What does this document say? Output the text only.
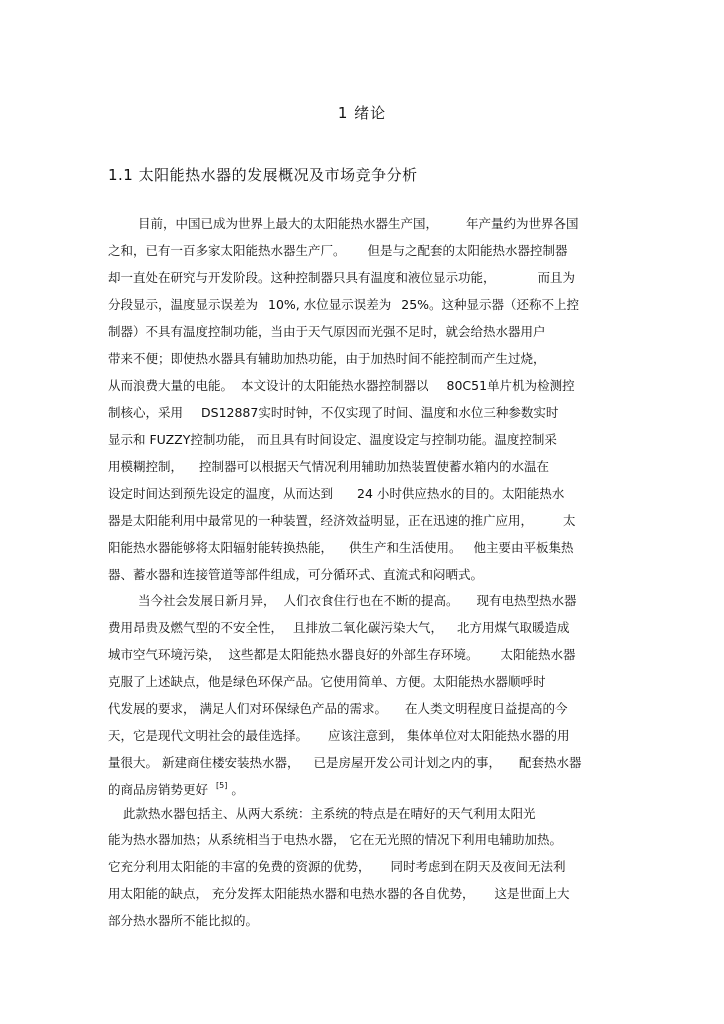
1 绪论
1.1 太阳能热水器的发展概况及市场竞争分析
目前，中国已成为世界上最大的太阳能热水器生产国， 年产量约为世界各国
之和，已有一百多家太阳能热水器生产厂。 但是与之配套的太阳能热水器控制器
却一直处在研究与开发阶段。这种控制器只具有温度和液位显示功能，	而且为
分段显示，温度显示误差为 10%, 水位显示误差为 25%。这种显示器（还称不上控
制器）不具有温度控制功能，当由于天气原因而光强不足时，就会给热水器用户
带来不便；即使热水器具有辅助加热功能，由于加热时间不能控制而产生过烧，
从而浪费大量的电能。 本文设计的太阳能热水器控制器以 80C51单片机为检测控
制核心，采用 DS12887实时时钟，不仅实现了时间、温度和水位三种参数实时
显示和 FUZZY控制功能， 而且具有时间设定、温度设定与控制功能。温度控制采
用模糊控制， 控制器可以根据天气情况利用辅助加热装置使蓄水箱内的水温在
设定时间达到预先设定的温度，从而达到 24 小时供应热水的目的。太阳能热水
器是太阳能利用中最常见的一种装置，经济效益明显，正在迅速的推广应用， 太
阳能热水器能够将太阳辐射能转换热能， 供生产和生活使用。 他主要由平板集热
器、蓄水器和连接管道等部件组成，可分循环式、直流式和闷晒式。
当今社会发展日新月异， 人们衣食住行也在不断的提高。 现有电热型热水器
费用昂贵及燃气型的不安全性， 且排放二氧化碳污染大气， 北方用煤气取暖造成
城市空气环境污染， 这些都是太阳能热水器良好的外部生存环境。 太阳能热水器
克服了上述缺点，他是绿色环保产品。它使用简单、方便。太阳能热水器顺呼时
代发展的要求， 满足人们对环保绿色产品的需求。 在人类文明程度日益提高的今
天，它是现代文明社会的最佳选择。 应该注意到， 集体单位对太阳能热水器的用
量很大。 新建商住楼安装热水器， 已是房屋开发公司计划之内的事， 配套热水器
的商品房销势更好 [5] 。
此款热水器包括主、从两大系统：主系统的特点是在晴好的天气利用太阳光
能为热水器加热；从系统相当于电热水器， 它在无光照的情况下利用电辅助加热。
它充分利用太阳能的丰富的免费的资源的优势， 同时考虑到在阴天及夜间无法利
用太阳能的缺点， 充分发挥太阳能热水器和电热水器的各自优势， 这是世面上大
部分热水器所不能比拟的。
